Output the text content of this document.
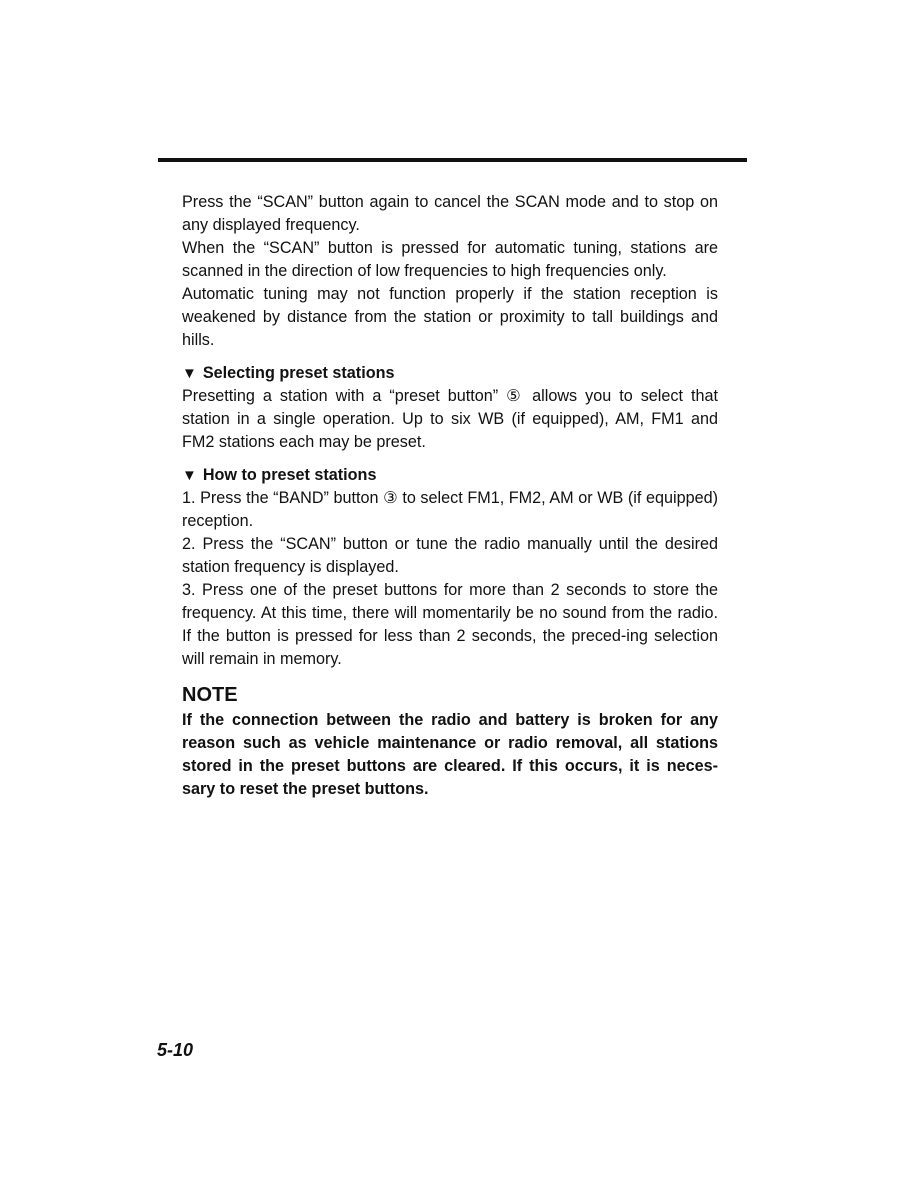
Press the “SCAN” button again to cancel the SCAN mode and to stop on any displayed frequency.

When the “SCAN” button is pressed for automatic tuning, stations are scanned in the direction of low frequencies to high frequencies only.

Automatic tuning may not function properly if the station reception is weakened by distance from the station or proximity to tall buildings and hills.

▼ Selecting preset stations

Presetting a station with a “preset button” ⑤ allows you to select that station in a single operation. Up to six WB (if equipped), AM, FM1 and FM2 stations each may be preset.

▼ How to preset stations

1. Press the “BAND” button ③ to select FM1, FM2, AM or WB (if equipped) reception.

2. Press the “SCAN” button or tune the radio manually until the desired station frequency is displayed.

3. Press one of the preset buttons for more than 2 seconds to store the frequency. At this time, there will momentarily be no sound from the radio. If the button is pressed for less than 2 seconds, the preced-ing selection will remain in memory.

NOTE

If the connection between the radio and battery is broken for any reason such as vehicle maintenance or radio removal, all stations stored in the preset buttons are cleared. If this occurs, it is neces-sary to reset the preset buttons.

5-10
